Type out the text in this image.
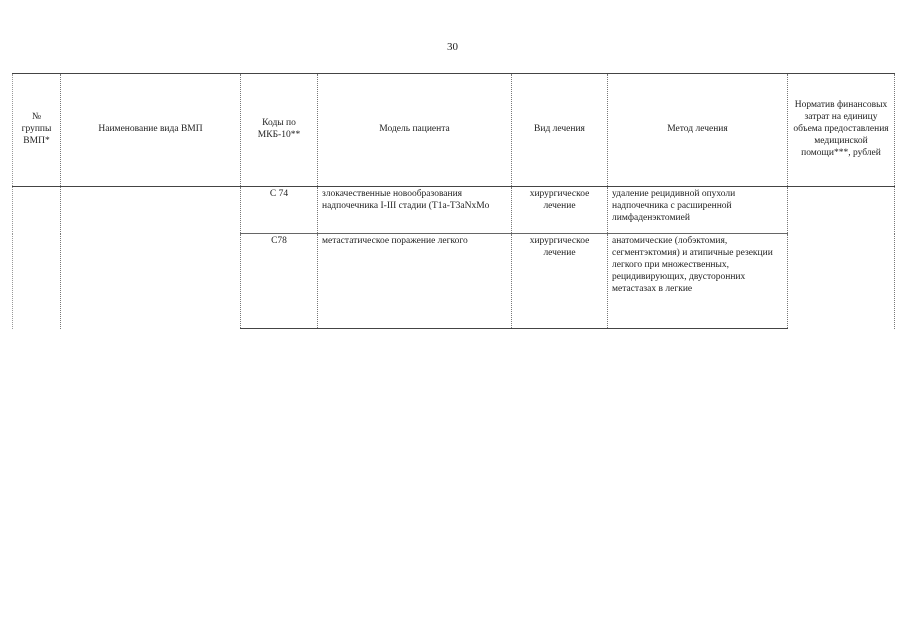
30
№ группы ВМП*	Наименование вида ВМП	Коды по МКБ-10**	Модель пациента	Вид лечения	Метод лечения	Норматив финансовых затрат на единицу объема предоставления медицинской помощи***, рублей
		С 74	злокачественные новообразования надпочечника I-III стадии (Т1а-Т3аNxMo	хирургическое лечение	удаление рецидивной опухоли надпочечника с расширенной лимфаденэктомией	
		С78	метастатическое поражение легкого	хирургическое лечение	анатомические (лобэктомия, сегментэктомия) и атипичные резекции легкого при множественных, рецидивирующих, двусторонних метастазах в легкие	
